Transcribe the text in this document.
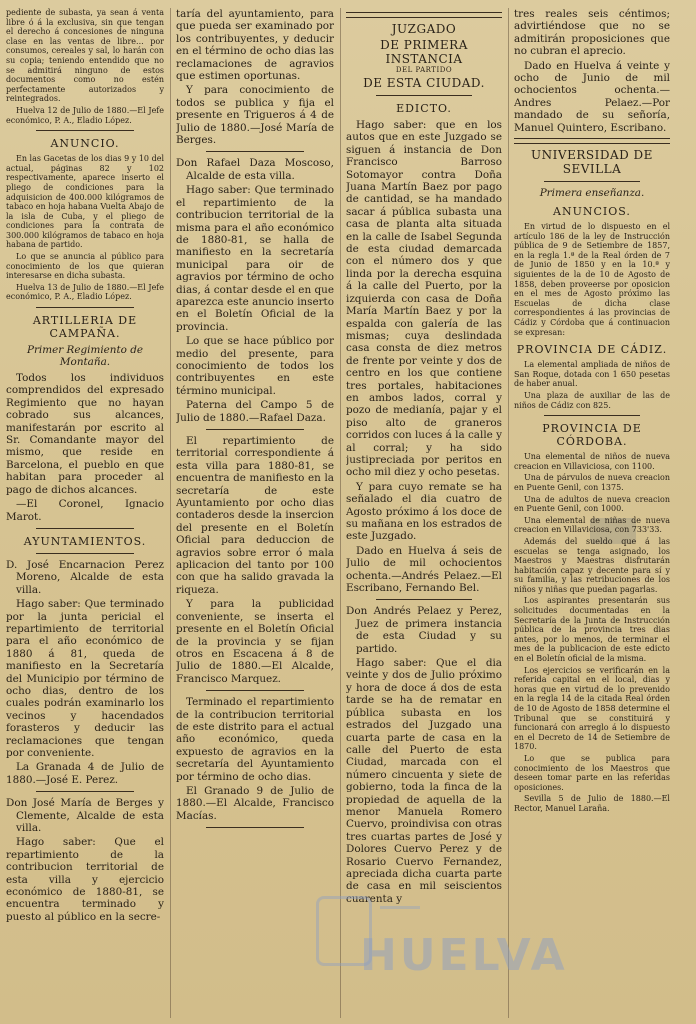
pediente de subasta, ya sean á venta libre ó á la exclusiva, sin que tengan el derecho á concesiones de ninguna clase en las ventas de libre... por consumos, cereales y sal, lo harán con su copia; teniendo entendido que no se admitirá ninguno de estos documentos como no estén perfectamente autorizados y reintegrados.

Huelva 12 de Julio de 1880.—El Jefe económico, P. A., Eladio López.

ANUNCIO.

En las Gacetas de los dias 9 y 10 del actual, páginas 82 y 102 respectivamente, aparece inserto el pliego de condiciones para la adquisicion de 400.000 kilógramos de tabaco en hoja habana Vuelta Abajo de la isla de Cuba, y el pliego de condiciones para la contrata de 300.000 kilógramos de tabaco en hoja habana de partido.

Lo que se anuncia al público para conocimiento de los que quieran interesarse en dicha subasta.

Huelva 13 de Julio de 1880.—El Jefe económico, P. A., Eladio López.

ARTILLERIA DE CAMPAÑA.
Primer Regimiento de Montaña.

Todos los individuos comprendidos del expresado Regimiento que no hayan cobrado sus alcances, manifestarán por escrito al Sr. Comandante mayor del mismo, que reside en Barcelona, el pueblo en que habitan para proceder al pago de dichos alcances.

—El Coronel, Ignacio Marot.

AYUNTAMIENTOS.

D. José Encarnacion Perez Moreno, Alcalde de esta villa.

Hago saber: Que terminado por la junta pericial el repartimiento de territorial para el año económico de 1880 á 81, queda de manifiesto en la Secretaría del Municipio por término de ocho dias, dentro de los cuales podrán examinarlo los vecinos y hacendados forasteros y deducir las reclamaciones que tengan por conveniente.

La Granada 4 de Julio de 1880.—José E. Perez.

Don José María de Berges y Clemente, Alcalde de esta villa.

Hago saber: Que el repartimiento de la contribucion territorial de esta villa y ejercicio económico de 1880-81, se encuentra terminado y puesto al público en la secre-

taría del ayuntamiento, para que pueda ser examinado por los contribuyentes, y deducir en el término de ocho dias las reclamaciones de agravios que estimen oportunas.

Y para conocimiento de todos se publica y fija el presente en Trigueros á 4 de Julio de 1880.—José María de Berges.

Don Rafael Daza Moscoso, Alcalde de esta villa.

Hago saber: Que terminado el repartimiento de la contribucion territorial de la misma para el año económico de 1880-81, se halla de manifiesto en la secretaría municipal para oir de agravios por término de ocho dias, á contar desde el en que aparezca este anuncio inserto en el Boletín Oficial de la provincia.

Lo que se hace público por medio del presente, para conocimiento de todos los contribuyentes en este término municipal.

Paterna del Campo 5 de Julio de 1880.—Rafael Daza.

El repartimiento de territorial correspondiente á esta villa para 1880-81, se encuentra de manifiesto en la secretaría de este Ayuntamiento por ocho dias contaderos desde la insercion del presente en el Boletín Oficial para deduccion de agravios sobre error ó mala aplicacion del tanto por 100 con que ha salido gravada la riqueza.

Y para la publicidad conveniente, se inserta el presente en el Boletín Oficial de la provincia y se fijan otros en Escacena á 8 de Julio de 1880.—El Alcalde, Francisco Marquez.

Terminado el repartimiento de la contribucion territorial de este distrito para el actual año económico, queda expuesto de agravios en la secretaría del Ayuntamiento por término de ocho dias.

El Granado 9 de Julio de 1880.—El Alcalde, Francisco Macías.

JUZGADO
DE PRIMERA INSTANCIA
DEL PARTIDO
DE ESTA CIUDAD.
EDICTO.

Hago saber: que en los autos que en este Juzgado se siguen á instancia de Don Francisco Barroso Sotomayor contra Doña Juana Martín Baez por pago de cantidad, se ha mandado sacar á pública subasta una casa de planta alta situada en la calle de Isabel Segunda de esta ciudad demarcada con el número dos y que linda por la derecha esquina á la calle del Puerto, por la izquierda con casa de Doña María Martín Baez y por la espalda con galería de las mismas; cuya deslindada casa consta de diez metros de frente por veinte y dos de centro en los que contiene tres portales, habitaciones en ambos lados, corral y pozo de medianía, pajar y el piso alto de graneros corridos con luces á la calle y al corral; y ha sido justipreciada por peritos en ocho mil diez y ocho pesetas.

Y para cuyo remate se ha señalado el dia cuatro de Agosto próximo á los doce de su mañana en los estrados de este Juzgado.

Dado en Huelva á seis de Julio de mil ochocientos ochenta.—Andrés Pelaez.—El Escribano, Fernando Bel.

Don Andrés Pelaez y Perez, Juez de primera instancia de esta Ciudad y su partido.

Hago saber: Que el dia veinte y dos de Julio próximo y hora de doce á dos de esta tarde se ha de rematar en pública subasta en los estrados del Juzgado una cuarta parte de casa en la calle del Puerto de esta Ciudad, marcada con el número cincuenta y siete de gobierno, toda la finca de la propiedad de aquella de la menor Manuela Romero Cuervo, proindivisa con otras tres cuartas partes de José y Dolores Cuervo Perez y de Rosario Cuervo Fernandez, apreciada dicha cuarta parte de casa en mil seiscientos cuarenta y

tres reales seis céntimos; advirtiéndose que no se admitirán proposiciones que no cubran el aprecio.

Dado en Huelva á veinte y ocho de Junio de mil ochocientos ochenta.—Andres Pelaez.—Por mandado de su señoría, Manuel Quintero, Escribano.

UNIVERSIDAD DE SEVILLA
Primera enseñanza.
ANUNCIOS.

En virtud de lo dispuesto en el artículo 186 de la ley de Instrucción pública de 9 de Setiembre de 1857, en la regla 1.ª de la Real órden de 7 de Junio de 1850 y en la 10.ª y siguientes de la de 10 de Agosto de 1858, deben proveerse por oposicion en el mes de Agosto próximo las Escuelas de dicha clase correspondientes á las provincias de Cádiz y Córdoba que á continuacion se expresan:

PROVINCIA DE CÁDIZ.

La elemental ampliada de niños de San Roque, dotada con 1 650 pesetas de haber anual.

Una plaza de auxiliar de las de niños de Cádiz con 825.

PROVINCIA DE CÓRDOBA.

Una elemental de niños de nueva creacion en Villaviciosa, con 1100.

Una de párvulos de nueva creacion en Puente Genil, con 1375.

Una de adultos de nueva creacion en Puente Genil, con 1000.

Una elemental de niñas de nueva creacion en Villaviciosa, con 733'33.

Además del sueldo que á las escuelas se tenga asignado, los Maestros y Maestras disfrutarán habitación capaz y decente para sí y su familia, y las retribuciones de los niños y niñas que puedan pagarlas.

Los aspirantes presentarán sus solicitudes documentadas en la Secretaría de la Junta de Instrucción pública de la provincia tres dias antes, por lo menos, de terminar el mes de la publicacion de este edicto en el Boletín oficial de la misma.

Los ejercicios se verificarán en la referida capital en el local, dias y horas que en virtud de lo prevenido en la regla 14 de la citada Real órden de 10 de Agosto de 1858 determine el Tribunal que se constituirá y funcionará con arreglo á lo dispuesto en el Decreto de 14 de Setiembre de 1870.

Lo que se publica para conocimiento de los Maestros que deseen tomar parte en las referidas oposiciones.

Sevilla 5 de Julio de 1880.—El Rector, Manuel Laraña.

HUELVA
